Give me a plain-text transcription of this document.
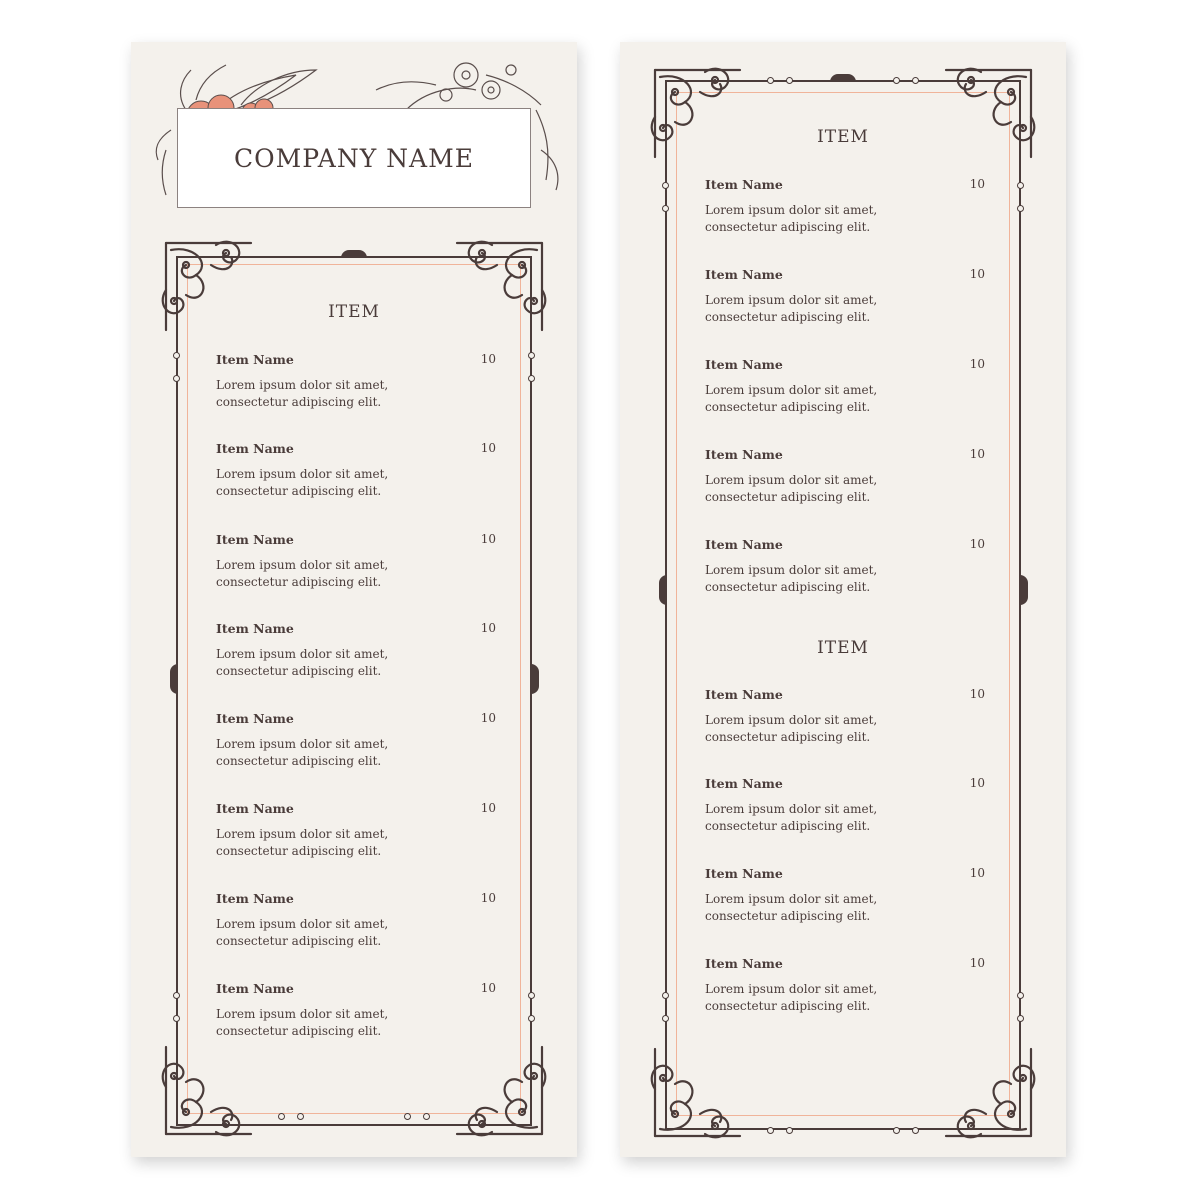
COMPANY NAME
ITEM
Item Name	10
Lorem ipsum dolor sit amet, consectetur adipiscing elit.
Item Name	10
Lorem ipsum dolor sit amet, consectetur adipiscing elit.
Item Name	10
Lorem ipsum dolor sit amet, consectetur adipiscing elit.
Item Name	10
Lorem ipsum dolor sit amet, consectetur adipiscing elit.
Item Name	10
Lorem ipsum dolor sit amet, consectetur adipiscing elit.
Item Name	10
Lorem ipsum dolor sit amet, consectetur adipiscing elit.
Item Name	10
Lorem ipsum dolor sit amet, consectetur adipiscing elit.
Item Name	10
Lorem ipsum dolor sit amet, consectetur adipiscing elit.
ITEM
Item Name	10
Lorem ipsum dolor sit amet, consectetur adipiscing elit.
Item Name	10
Lorem ipsum dolor sit amet, consectetur adipiscing elit.
Item Name	10
Lorem ipsum dolor sit amet, consectetur adipiscing elit.
Item Name	10
Lorem ipsum dolor sit amet, consectetur adipiscing elit.
Item Name	10
Lorem ipsum dolor sit amet, consectetur adipiscing elit.
ITEM
Item Name	10
Lorem ipsum dolor sit amet, consectetur adipiscing elit.
Item Name	10
Lorem ipsum dolor sit amet, consectetur adipiscing elit.
Item Name	10
Lorem ipsum dolor sit amet, consectetur adipiscing elit.
Item Name	10
Lorem ipsum dolor sit amet, consectetur adipiscing elit.
